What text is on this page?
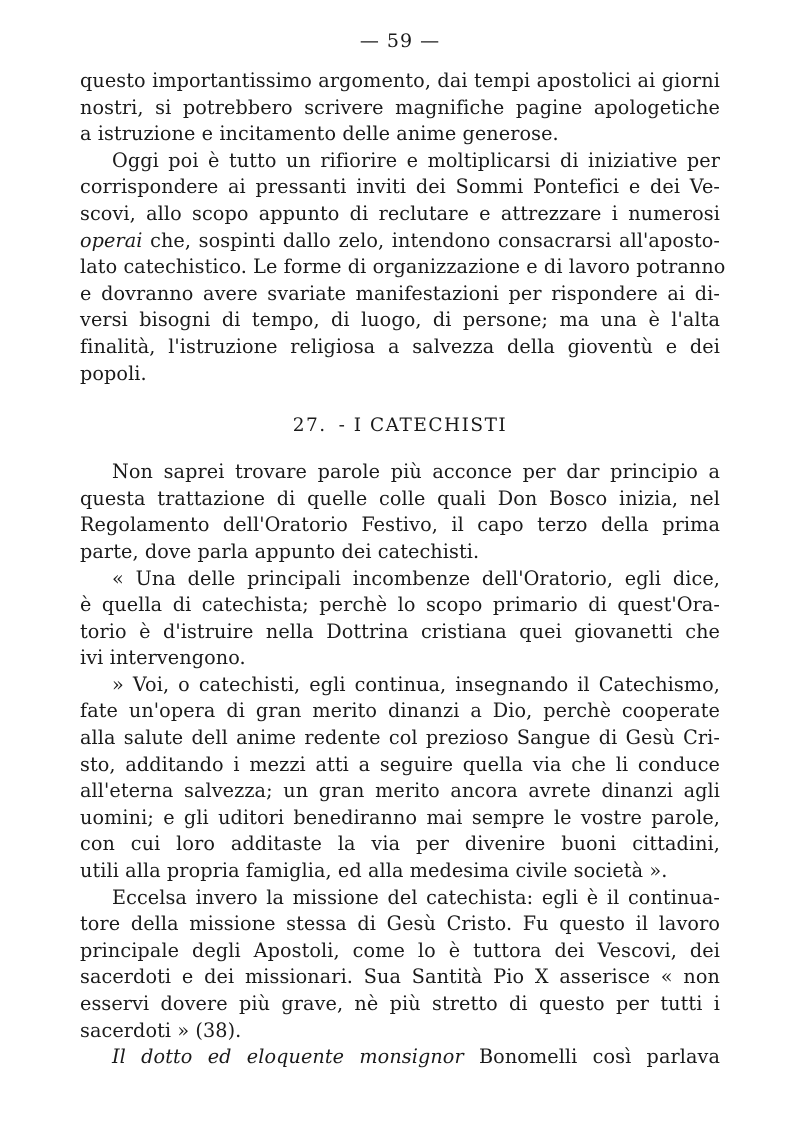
— 59 —
questo importantissimo argomento, dai tempi apostolici ai giorni
nostri, si potrebbero scrivere magnifiche pagine apologetiche
a istruzione e incitamento delle anime generose.
Oggi poi è tutto un rifiorire e moltiplicarsi di iniziative per
corrispondere ai pressanti inviti dei Sommi Pontefici e dei Ve-
scovi, allo scopo appunto di reclutare e attrezzare i numerosi
operai che, sospinti dallo zelo, intendono consacrarsi all'aposto-
lato catechistico. Le forme di organizzazione e di lavoro potranno
e dovranno avere svariate manifestazioni per rispondere ai di-
versi bisogni di tempo, di luogo, di persone; ma una è l'alta
finalità, l'istruzione religiosa a salvezza della gioventù e dei
popoli.
27. - I CATECHISTI
Non saprei trovare parole più acconce per dar principio a
questa trattazione di quelle colle quali Don Bosco inizia, nel
Regolamento dell'Oratorio Festivo, il capo terzo della prima
parte, dove parla appunto dei catechisti.
« Una delle principali incombenze dell'Oratorio, egli dice,
è quella di catechista; perchè lo scopo primario di quest'Ora-
torio è d'istruire nella Dottrina cristiana quei giovanetti che
ivi intervengono.
» Voi, o catechisti, egli continua, insegnando il Catechismo,
fate un'opera di gran merito dinanzi a Dio, perchè cooperate
alla salute dell anime redente col prezioso Sangue di Gesù Cri-
sto, additando i mezzi atti a seguire quella via che li conduce
all'eterna salvezza; un gran merito ancora avrete dinanzi agli
uomini; e gli uditori benediranno mai sempre le vostre parole,
con cui loro additaste la via per divenire buoni cittadini,
utili alla propria famiglia, ed alla medesima civile società ».
Eccelsa invero la missione del catechista: egli è il continua-
tore della missione stessa di Gesù Cristo. Fu questo il lavoro
principale degli Apostoli, come lo è tuttora dei Vescovi, dei
sacerdoti e dei missionari. Sua Santità Pio X asserisce « non
esservi dovere più grave, nè più stretto di questo per tutti i
sacerdoti » (38).
Il dotto ed eloquente monsignor Bonomelli così parlava
